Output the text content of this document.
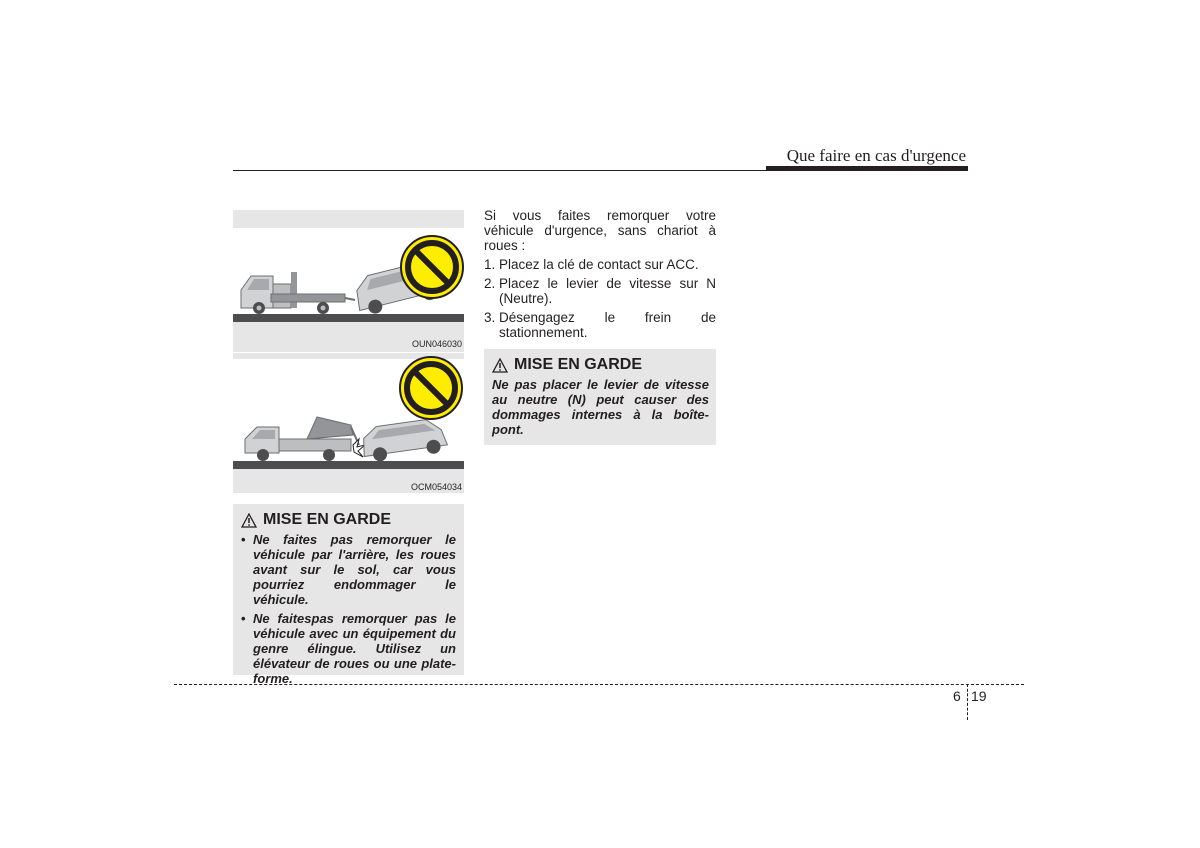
Que faire en cas d'urgence
OUN046030
OCM054034
MISE EN GARDE
• Ne faites pas remorquer le véhicule par l'arrière, les roues avant sur le sol, car vous pourriez endommager le véhicule.
• Ne faitespas remorquer pas le véhicule avec un équipement du genre élingue. Utilisez un élévateur de roues ou une plate-forme.

Si vous faites remorquer votre véhicule d'urgence, sans chariot à roues :

1. Placez la clé de contact sur ACC.
2. Placez le levier de vitesse sur N (Neutre).
3. Désengagez le frein de stationnement.
MISE EN GARDE
Ne pas placer le levier de vitesse au neutre (N) peut causer des dommages internes à la boîte-pont.
6 19
